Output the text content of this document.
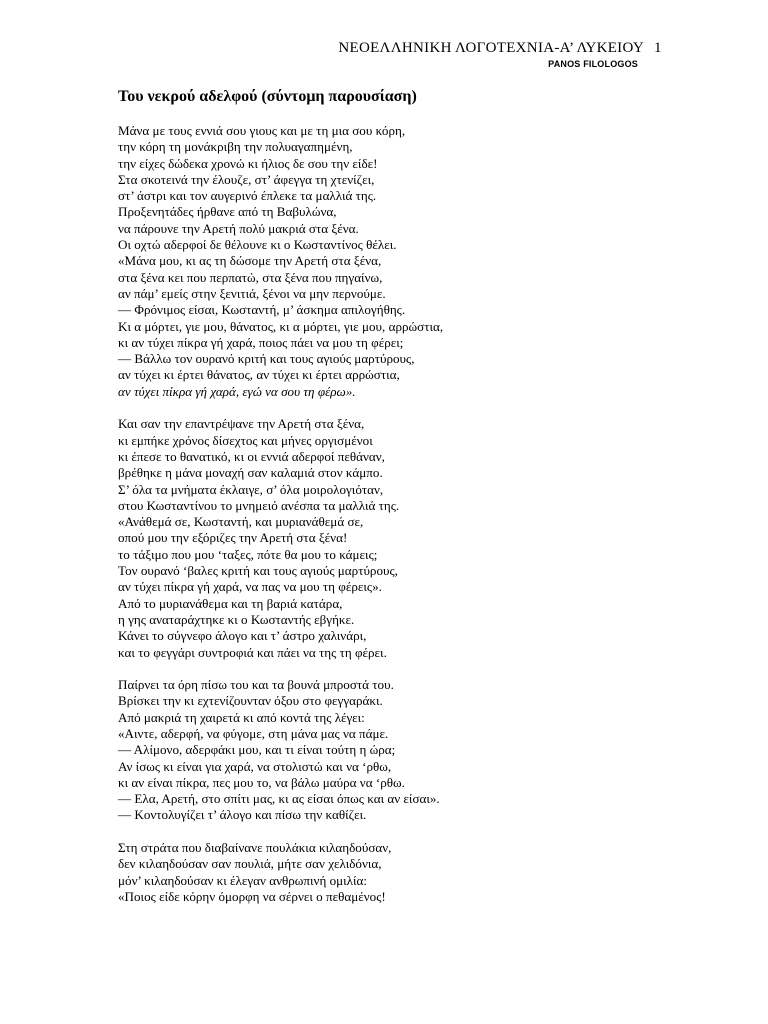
ΝΕΟΕΛΛΗΝΙΚΗ ΛΟΓΟΤΕΧΝΙΑ-Α’ ΛΥΚΕΙΟΥ 1
PANOS FILOLOGOS
Του νεκρού αδελφού (σύντομη παρουσίαση)
Μάνα με τους εννιά σου γιους και με τη μια σου κόρη,
την κόρη τη μονάκριβη την πολυαγαπημένη,
την είχες δώδεκα χρονώ κι ήλιος δε σου την είδε!
Στα σκοτεινά την έλουζε, στ’ άφεγγα τη χτενίζει,
στ’ άστρι και τον αυγερινό έπλεκε τα μαλλιά της.
Προξενητάδες ήρθανε από τη Βαβυλώνα,
να πάρουνε την Αρετή πολύ μακριά στα ξένα.
Οι οχτώ αδερφοί δε θέλουνε κι ο Κωσταντίνος θέλει.
«Μάνα μου, κι ας τη δώσομε την Αρετή στα ξένα,
στα ξένα κει που περπατώ, στα ξένα που πηγαίνω,
αν πάμ’ εμείς στην ξενιτιά, ξένοι να μην περνούμε.
— Φρόνιμος είσαι, Κωσταντή, μ’ άσκημα απιλογήθης.
Κι α μόρτει, γιε μου, θάνατος, κι α μόρτει, γιε μου, αρρώστια,
κι αν τύχει πίκρα γή χαρά, ποιος πάει να μου τη φέρει;
— Βάλλω τον ουρανό κριτή και τους αγιούς μαρτύρους,
αν τύχει κι έρτει θάνατος, αν τύχει κι έρτει αρρώστια,
αν τύχει πίκρα γή χαρά, εγώ να σου τη φέρω».
Και σαν την επαντρέψανε την Αρετή στα ξένα,
κι εμπήκε χρόνος δίσεχτος και μήνες οργισμένοι
κι έπεσε το θανατικό, κι οι εννιά αδερφοί πεθάναν,
βρέθηκε η μάνα μοναχή σαν καλαμιά στον κάμπο.
Σ’ όλα τα μνήματα έκλαιγε, σ’ όλα μοιρολογιόταν,
στου Κωσταντίνου το μνημειό ανέσπα τα μαλλιά της.
«Ανάθεμά σε, Κωσταντή, και μυριανάθεμά σε,
οπού μου την εξόριζες την Αρετή στα ξένα!
το τάξιμο που μου ‘ταξες, πότε θα μου το κάμεις;
Τον ουρανό ‘βαλες κριτή και τους αγιούς μαρτύρους,
αν τύχει πίκρα γή χαρά, να πας να μου τη φέρεις».
Από το μυριανάθεμα και τη βαριά κατάρα,
η γης αναταράχτηκε κι ο Κωσταντής εβγήκε.
Κάνει το σύγνεφο άλογο και τ’ άστρο χαλινάρι,
και το φεγγάρι συντροφιά και πάει να της τη φέρει.
Παίρνει τα όρη πίσω του και τα βουνά μπροστά του.
Βρίσκει την κι εχτενίζουνταν όξου στο φεγγαράκι.
Από μακριά τη χαιρετά κι από κοντά της λέγει:
«Αιντε, αδερφή, να φύγομε, στη μάνα μας να πάμε.
— Αλίμονο, αδερφάκι μου, και τι είναι τούτη η ώρα;
Αν ίσως κι είναι για χαρά, να στολιστώ και να ‘ρθω,
κι αν είναι πίκρα, πες μου το, να βάλω μαύρα να ‘ρθω.
— Ελα, Αρετή, στο σπίτι μας, κι ας είσαι όπως και αν είσαι».
— Κοντολυγίζει τ’ άλογο και πίσω την καθίζει.
Στη στράτα που διαβαίνανε πουλάκια κιλαηδούσαν,
δεν κιλαηδούσαν σαν πουλιά, μήτε σαν χελιδόνια,
μόν’ κιλαηδούσαν κι έλεγαν ανθρωπινή ομιλία:
«Ποιος είδε κόρην όμορφη να σέρνει ο πεθαμένος!
